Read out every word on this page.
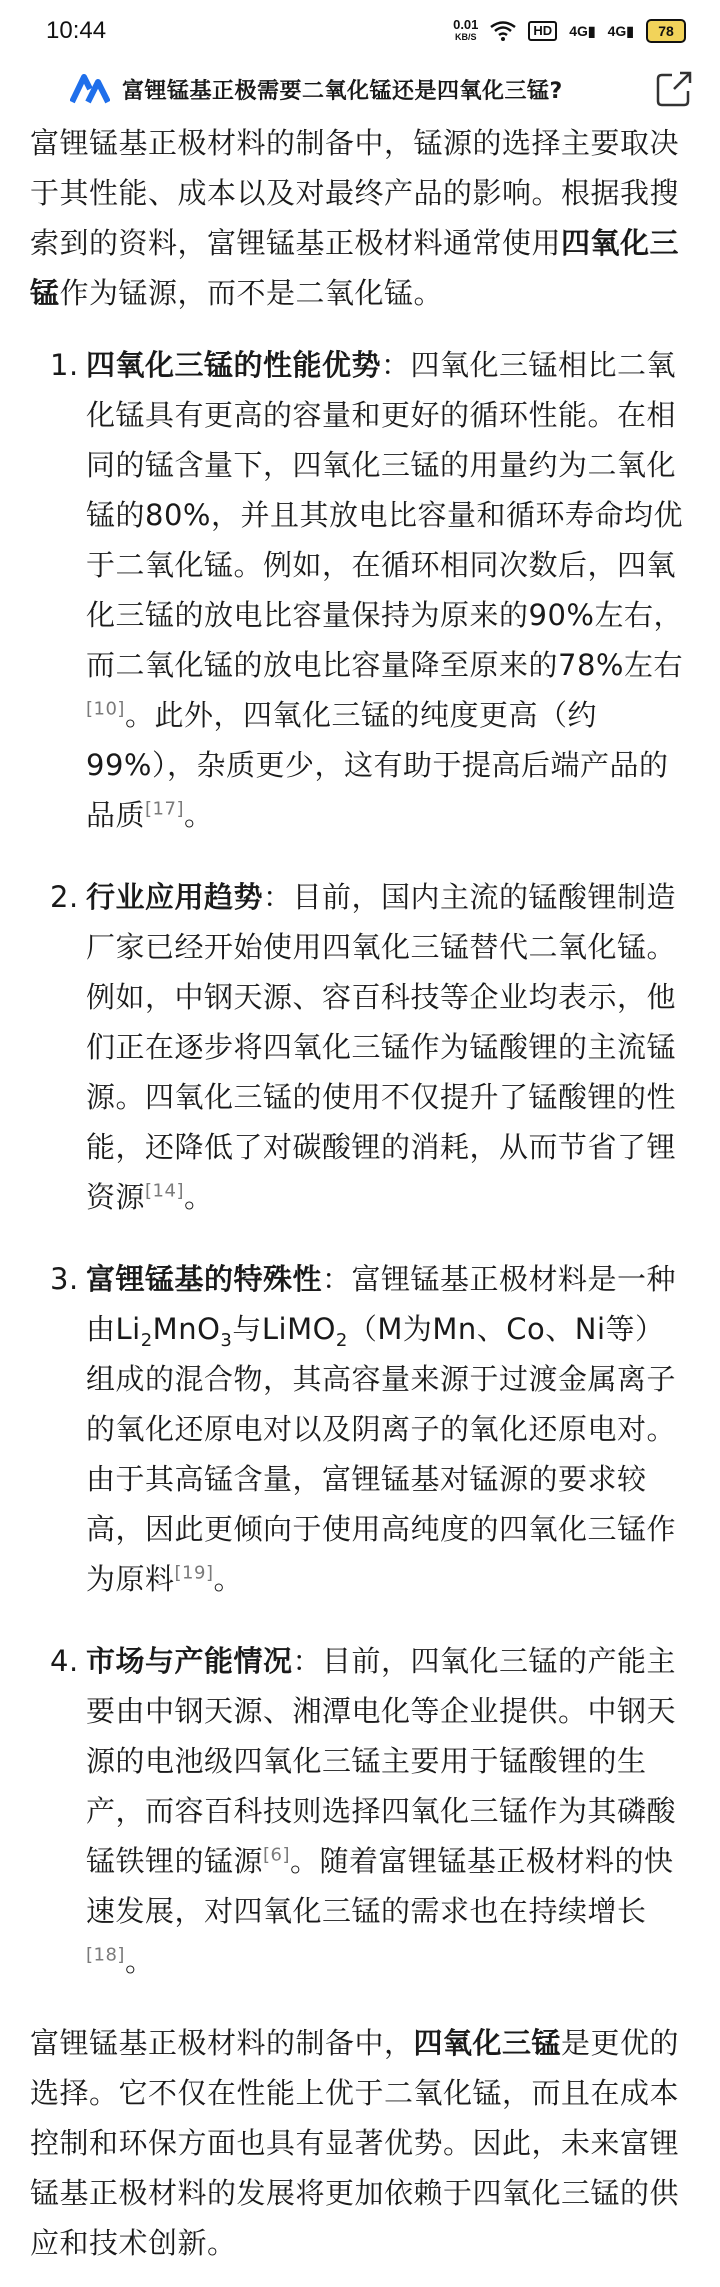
10:44	0.01
KB/S	HD	4G▮ 4G▮	78
富锂锰基正极需要二氧化锰还是四氧化三锰?

富锂锰基正极材料的制备中，锰源的选择主要取决于其性能、成本以及对最终产品的影响。根据我搜索到的资料，富锂锰基正极材料通常使用四氧化三锰作为锰源，而不是二氧化锰。

1. 四氧化三锰的性能优势：四氧化三锰相比二氧化锰具有更高的容量和更好的循环性能。在相同的锰含量下，四氧化三锰的用量约为二氧化锰的80%，并且其放电比容量和循环寿命均优于二氧化锰。例如，在循环相同次数后，四氧化三锰的放电比容量保持为原来的90%左右，而二氧化锰的放电比容量降至原来的78%左右[10]。此外，四氧化三锰的纯度更高（约99%），杂质更少，这有助于提高后端产品的品质[17]。
2. 行业应用趋势：目前，国内主流的锰酸锂制造厂家已经开始使用四氧化三锰替代二氧化锰。例如，中钢天源、容百科技等企业均表示，他们正在逐步将四氧化三锰作为锰酸锂的主流锰源。四氧化三锰的使用不仅提升了锰酸锂的性能，还降低了对碳酸锂的消耗，从而节省了锂资源[14]。
3. 富锂锰基的特殊性：富锂锰基正极材料是一种由$Li_2MnO_3$与LiMO$_2$（M为Mn、Co、Ni等）组成的混合物，其高容量来源于过渡金属离子的氧化还原电对以及阴离子的氧化还原电对。由于其高锰含量，富锂锰基对锰源的要求较高，因此更倾向于使用高纯度的四氧化三锰作为原料[19]。
4. 市场与产能情况：目前，四氧化三锰的产能主要由中钢天源、湘潭电化等企业提供。中钢天源的电池级四氧化三锰主要用于锰酸锂的生产，而容百科技则选择四氧化三锰作为其磷酸锰铁锂的锰源[6]。随着富锂锰基正极材料的快速发展，对四氧化三锰的需求也在持续增长[18]。

富锂锰基正极材料的制备中，四氧化三锰是更优的选择。它不仅在性能上优于二氧化锰，而且在成本控制和环保方面也具有显著优势。因此，未来富锂锰基正极材料的发展将更加依赖于四氧化三锰的供应和技术创新。
